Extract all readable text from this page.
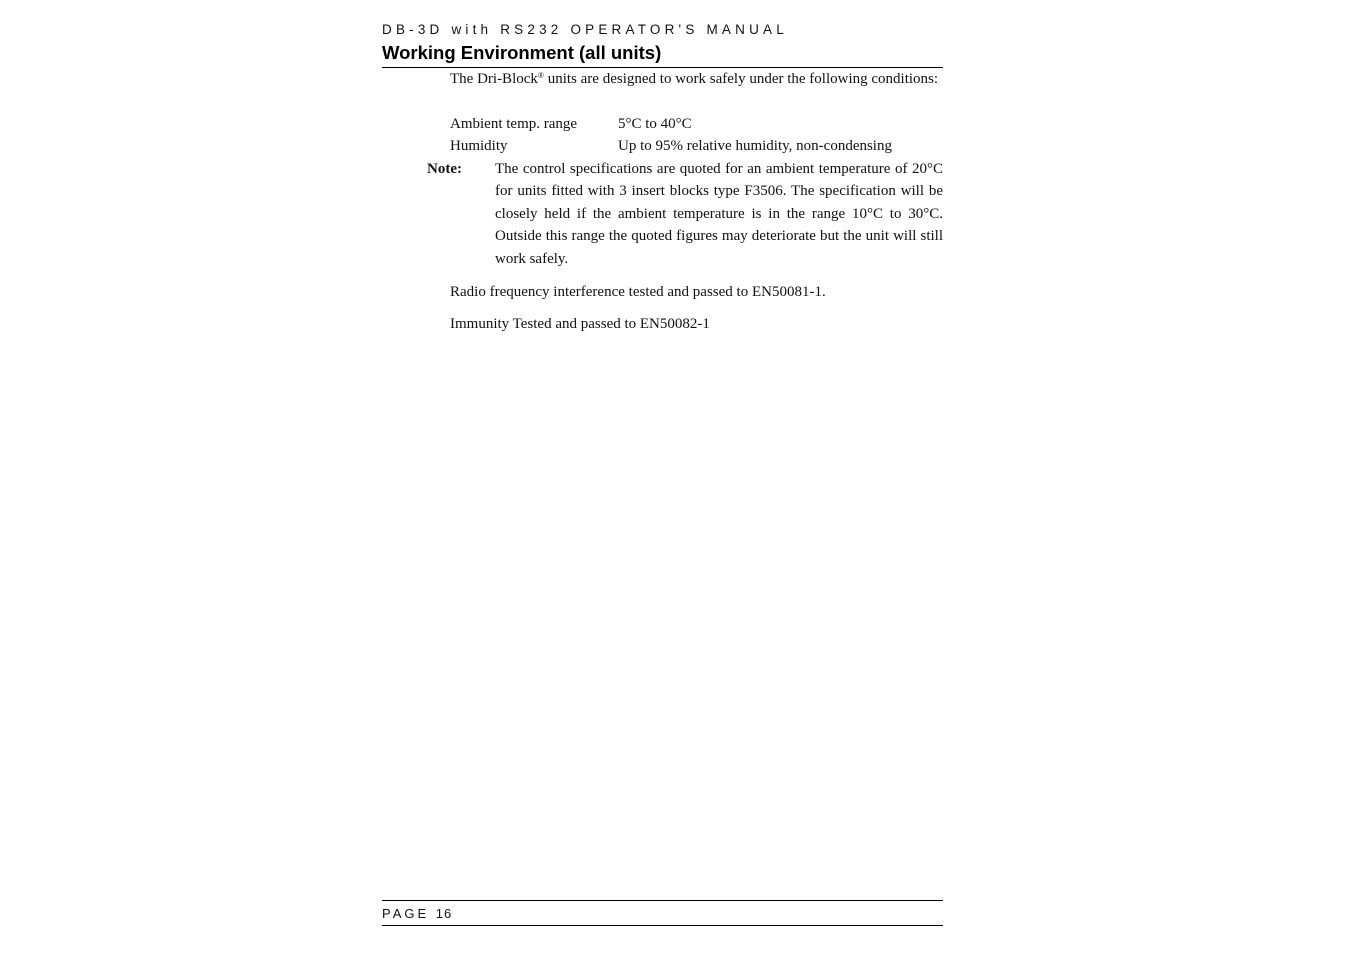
DB-3D with RS232 OPERATOR'S MANUAL
Working Environment (all units)
The Dri-Block® units are designed to work safely under the following conditions:
Ambient temp. range	5°C to 40°C
Humidity	Up to 95% relative humidity, non-condensing
Note: The control specifications are quoted for an ambient temperature of 20°C for units fitted with 3 insert blocks type F3506. The specification will be closely held if the ambient temperature is in the range 10°C to 30°C. Outside this range the quoted figures may deteriorate but the unit will still work safely.
Radio frequency interference tested and passed to EN50081-1.
Immunity Tested and passed to EN50082-1
PAGE 16
